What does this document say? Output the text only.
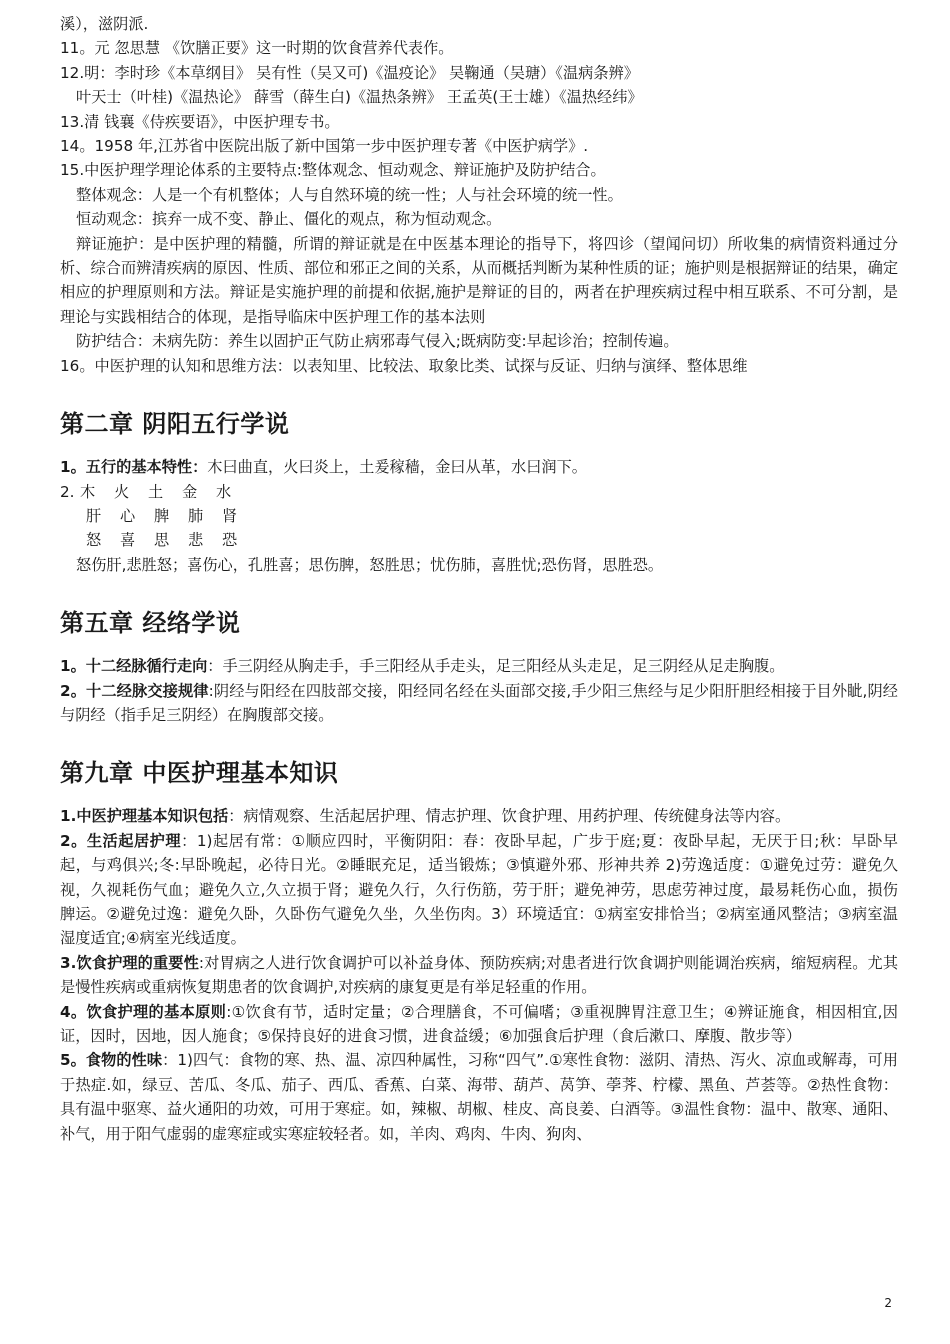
溪），滋阴派.
11。元 忽思慧 《饮膳正要》这一时期的饮食营养代表作。
12.明：李时珍《本草纲目》 吴有性（吴又可)《温疫论》 吴鞠通（吴瑭）《温病条辨》
叶天士（叶桂)《温热论》 薛雪（薛生白)《温热条辨》 王孟英(王士雄）《温热经纬》
13.清 钱襄《侍疾要语》，中医护理专书。
14。1958 年,江苏省中医院出版了新中国第一步中医护理专著《中医护病学》.
15.中医护理学理论体系的主要特点:整体观念、恒动观念、辩证施护及防护结合。
整体观念：人是一个有机整体；人与自然环境的统一性；人与社会环境的统一性。
恒动观念：摈弃一成不变、静止、僵化的观点，称为恒动观念。
辩证施护：是中医护理的精髓，所谓的辩证就是在中医基本理论的指导下，将四诊（望闻问切）所收集的病情资料通过分析、综合而辨清疾病的原因、性质、部位和邪正之间的关系，从而概括判断为某种性质的证；施护则是根据辩证的结果，确定相应的护理原则和方法。辩证是实施护理的前提和依据,施护是辩证的目的，两者在护理疾病过程中相互联系、不可分割，是理论与实践相结合的体现，是指导临床中医护理工作的基本法则
防护结合：未病先防：养生以固护正气防止病邪毒气侵入;既病防变:早起诊治；控制传遍。
16。中医护理的认知和思维方法：以表知里、比较法、取象比类、试探与反证、归纳与演绎、整体思维
第二章 阴阳五行学说
1。五行的基本特性：木曰曲直，火曰炎上，土爰稼穑，金曰从革，水曰润下。
2. 木 火 土 金 水
肝 心 脾 肺 肾
怒 喜 思 悲 恐
怒伤肝,悲胜怒；喜伤心，孔胜喜；思伤脾，怒胜思；忧伤肺，喜胜忧;恐伤肾，思胜恐。
第五章 经络学说
1。十二经脉循行走向：手三阴经从胸走手，手三阳经从手走头，足三阳经从头走足，足三阴经从足走胸腹。
2。十二经脉交接规律:阴经与阳经在四肢部交接，阳经同名经在头面部交接,手少阳三焦经与足少阳肝胆经相接于目外眦,阴经与阴经（指手足三阴经）在胸腹部交接。
第九章 中医护理基本知识
1.中医护理基本知识包括：病情观察、生活起居护理、情志护理、饮食护理、用药护理、传统健身法等内容。
2。生活起居护理：1)起居有常：①顺应四时，平衡阴阳：春：夜卧早起，广步于庭;夏：夜卧早起，无厌于日;秋：早卧早起，与鸡俱兴;冬:早卧晚起，必待日光。②睡眠充足，适当锻炼；③慎避外邪、形神共养 2)劳逸适度：①避免过劳：避免久视，久视耗伤气血；避免久立,久立损于肾；避免久行，久行伤筋，劳于肝；避免神劳，思虑劳神过度，最易耗伤心血，损伤脾运。②避免过逸：避免久卧，久卧伤气避免久坐，久坐伤肉。3）环境适宜：①病室安排恰当；②病室通风整洁；③病室温湿度适宜;④病室光线适度。
3.饮食护理的重要性:对胃病之人进行饮食调护可以补益身体、预防疾病;对患者进行饮食调护则能调治疾病，缩短病程。尤其是慢性疾病或重病恢复期患者的饮食调护,对疾病的康复更是有举足轻重的作用。
4。饮食护理的基本原则:①饮食有节，适时定量；②合理膳食，不可偏嗜；③重视脾胃注意卫生；④辨证施食，相因相宜,因证，因时，因地，因人施食；⑤保持良好的进食习惯，进食益缓；⑥加强食后护理（食后漱口、摩腹、散步等）
5。食物的性味：1)四气：食物的寒、热、温、凉四种属性，习称“四气”.①寒性食物：滋阴、清热、泻火、凉血或解毒，可用于热症.如，绿豆、苦瓜、冬瓜、茄子、西瓜、香蕉、白菜、海带、葫芦、莴笋、荸荠、柠檬、黑鱼、芦荟等。②热性食物：具有温中驱寒、益火通阳的功效，可用于寒症。如，辣椒、胡椒、桂皮、高良姜、白酒等。③温性食物：温中、散寒、通阳、补气，用于阳气虚弱的虚寒症或实寒症较轻者。如，羊肉、鸡肉、牛肉、狗肉、
2
